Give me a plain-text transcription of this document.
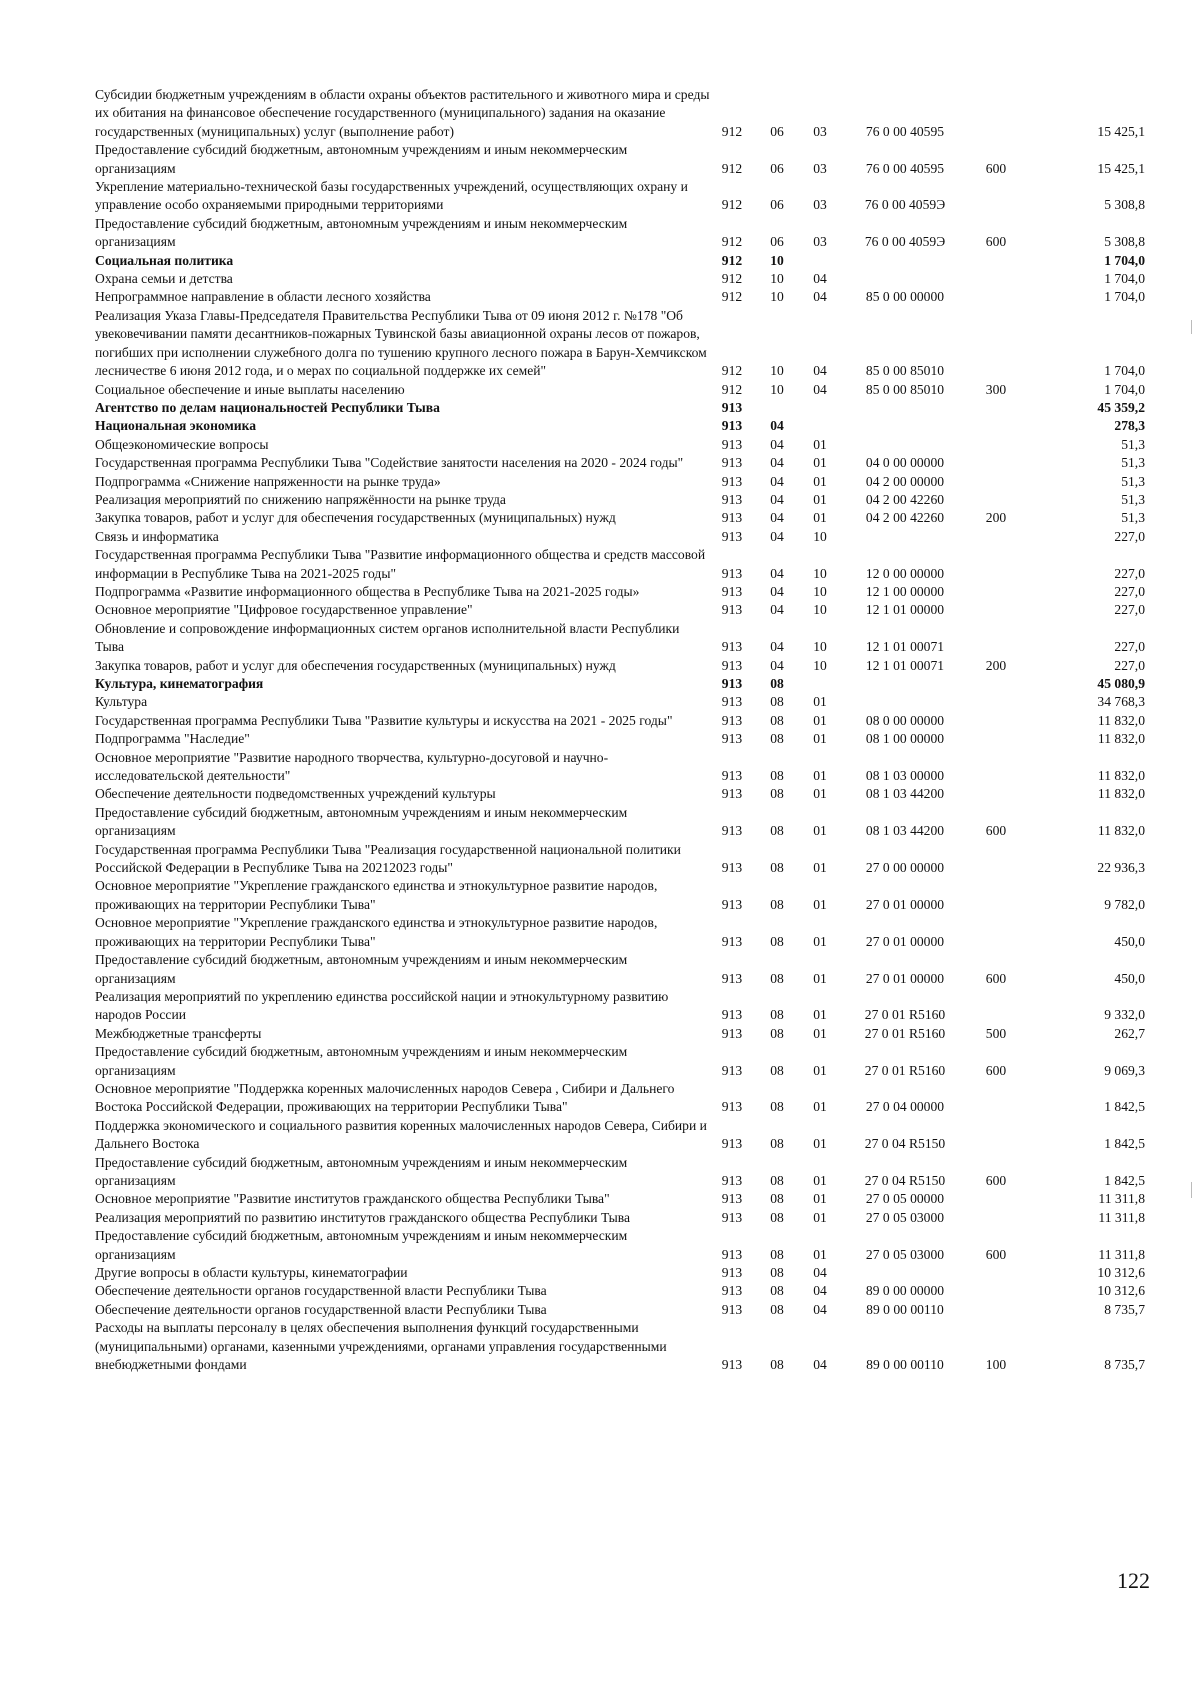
Субсидии бюджетным учреждениям в области охраны объектов растительного и животного мира и среды их обитания на финансовое обеспечение государственного (муниципального) задания на оказание государственных (муниципальных) услуг (выполнение работ)	912	06	03	76 0 00 40595		15 425,1
Предоставление субсидий бюджетным, автономным учреждениям и иным некоммерческим организациям	912	06	03	76 0 00 40595	600	15 425,1
Укрепление материально-технической базы государственных учреждений, осуществляющих охрану и управление особо охраняемыми природными территориями	912	06	03	76 0 00 4059Э		5 308,8
Предоставление субсидий бюджетным, автономным учреждениям и иным некоммерческим организациям	912	06	03	76 0 00 4059Э	600	5 308,8
Социальная политика	912	10				1 704,0
Охрана семьи и детства	912	10	04			1 704,0
Непрограммное направление в области лесного хозяйства	912	10	04	85 0 00 00000		1 704,0
Реализация Указа Главы-Председателя Правительства Республики Тыва от 09 июня 2012 г. №178 "Об увековечивании памяти десантников-пожарных Тувинской базы авиационной охраны лесов от пожаров, погибших при исполнении служебного долга по тушению крупного лесного пожара в Барун-Хемчикском лесничестве 6 июня 2012 года, и о мерах по социальной поддержке их семей"	912	10	04	85 0 00 85010		1 704,0
Социальное обеспечение и иные выплаты населению	912	10	04	85 0 00 85010	300	1 704,0
Агентство по делам национальностей Республики Тыва	913					45 359,2
Национальная экономика	913	04				278,3
Общеэкономические вопросы	913	04	01			51,3
Государственная программа Республики Тыва "Содействие занятости населения на 2020 - 2024 годы"	913	04	01	04 0 00 00000		51,3
Подпрограмма «Снижение напряженности на рынке труда»	913	04	01	04 2 00 00000		51,3
Реализация мероприятий по снижению напряжённости на рынке труда	913	04	01	04 2 00 42260		51,3
Закупка товаров, работ и услуг для обеспечения государственных (муниципальных) нужд	913	04	01	04 2 00 42260	200	51,3
Связь и информатика	913	04	10			227,0
Государственная программа Республики Тыва "Развитие информационного общества и средств массовой информации в Республике Тыва на 2021-2025 годы"	913	04	10	12 0 00 00000		227,0
Подпрограмма «Развитие информационного общества в Республике Тыва на 2021-2025 годы»	913	04	10	12 1 00 00000		227,0
Основное мероприятие "Цифровое государственное управление"	913	04	10	12 1 01 00000		227,0
Обновление и сопровождение информационных систем органов исполнительной власти Республики Тыва	913	04	10	12 1 01 00071		227,0
Закупка товаров, работ и услуг для обеспечения государственных (муниципальных) нужд	913	04	10	12 1 01 00071	200	227,0
Культура, кинематография	913	08				45 080,9
Культура	913	08	01			34 768,3
Государственная программа Республики Тыва "Развитие культуры и искусства на 2021 - 2025 годы"	913	08	01	08 0 00 00000		11 832,0
Подпрограмма "Наследие"	913	08	01	08 1 00 00000		11 832,0
Основное мероприятие "Развитие народного творчества, культурно-досуговой и научно-исследовательской деятельности"	913	08	01	08 1 03 00000		11 832,0
Обеспечение деятельности подведомственных учреждений культуры	913	08	01	08 1 03 44200		11 832,0
Предоставление субсидий бюджетным, автономным учреждениям и иным некоммерческим организациям	913	08	01	08 1 03 44200	600	11 832,0
Государственная программа Республики Тыва "Реализация государственной национальной политики Российской Федерации в Республике Тыва на 20212023 годы"	913	08	01	27 0 00 00000		22 936,3
Основное мероприятие "Укрепление гражданского единства и этнокультурное развитие народов, проживающих на территории Республики Тыва"	913	08	01	27 0 01 00000		9 782,0
Основное мероприятие "Укрепление гражданского единства и этнокультурное развитие народов, проживающих на территории Республики Тыва"	913	08	01	27 0 01 00000		450,0
Предоставление субсидий бюджетным, автономным учреждениям и иным некоммерческим организациям	913	08	01	27 0 01 00000	600	450,0
Реализация мероприятий по укреплению единства российской нации и этнокультурному развитию народов России	913	08	01	27 0 01 R5160		9 332,0
Межбюджетные трансферты	913	08	01	27 0 01 R5160	500	262,7
Предоставление субсидий бюджетным, автономным учреждениям и иным некоммерческим организациям	913	08	01	27 0 01 R5160	600	9 069,3
Основное мероприятие "Поддержка коренных малочисленных народов Севера , Сибири и Дальнего Востока Российской Федерации, проживающих на территории Республики Тыва"	913	08	01	27 0 04 00000		1 842,5
Поддержка экономического и социального развития коренных малочисленных народов Севера, Сибири и Дальнего Востока	913	08	01	27 0 04 R5150		1 842,5
Предоставление субсидий бюджетным, автономным учреждениям и иным некоммерческим организациям	913	08	01	27 0 04 R5150	600	1 842,5
Основное мероприятие "Развитие институтов гражданского общества Республики Тыва"	913	08	01	27 0 05 00000		11 311,8
Реализация мероприятий по развитию институтов гражданского общества Республики Тыва	913	08	01	27 0 05 03000		11 311,8
Предоставление субсидий бюджетным, автономным учреждениям и иным некоммерческим организациям	913	08	01	27 0 05 03000	600	11 311,8
Другие вопросы в области культуры, кинематографии	913	08	04			10 312,6
Обеспечение деятельности органов государственной власти Республики Тыва	913	08	04	89 0 00 00000		10 312,6
Обеспечение деятельности органов государственной власти Республики Тыва	913	08	04	89 0 00 00110		8 735,7
Расходы на выплаты персоналу в целях обеспечения выполнения функций государственными (муниципальными) органами, казенными учреждениями, органами управления государственными внебюджетными фондами	913	08	04	89 0 00 00110	100	8 735,7
122
